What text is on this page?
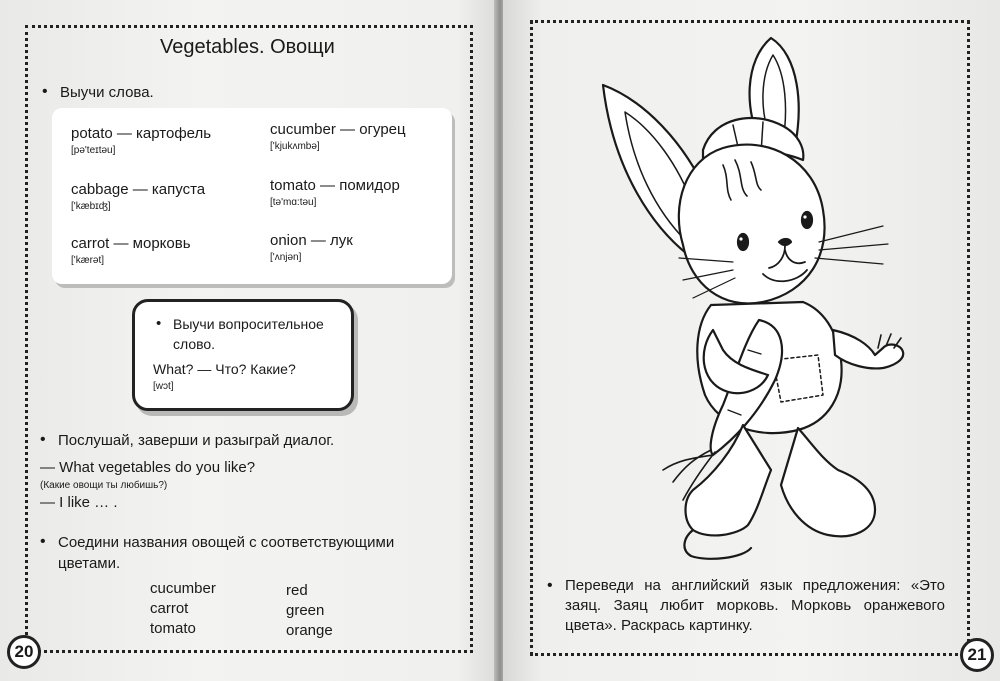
Vegetables. Овощи
• Выучи слова.
potato — картофель
[pə'teɪtəu]
cucumber — огурец
['kjukʌmbə]
cabbage — капуста
['kæbɪʤ]
tomato — помидор
[tə'mɑ:təu]
carrot — морковь
['kærət]
onion — лук
['ʌnjən]
• Выучи вопросительное слово.
What? — Что? Какие?
[wɔt]
• Послушай, заверши и разыграй диалог.
— What vegetables do you like?
(Какие овощи ты любишь?)
— I like … .
• Соедини названия овощей с соответствующими цветами.
cucumber
carrot
tomato
red
green
orange
20	21
• Переведи на английский язык предложения: «Это заяц. Заяц любит морковь. Морковь оранжевого цвета». Раскрась картинку.
